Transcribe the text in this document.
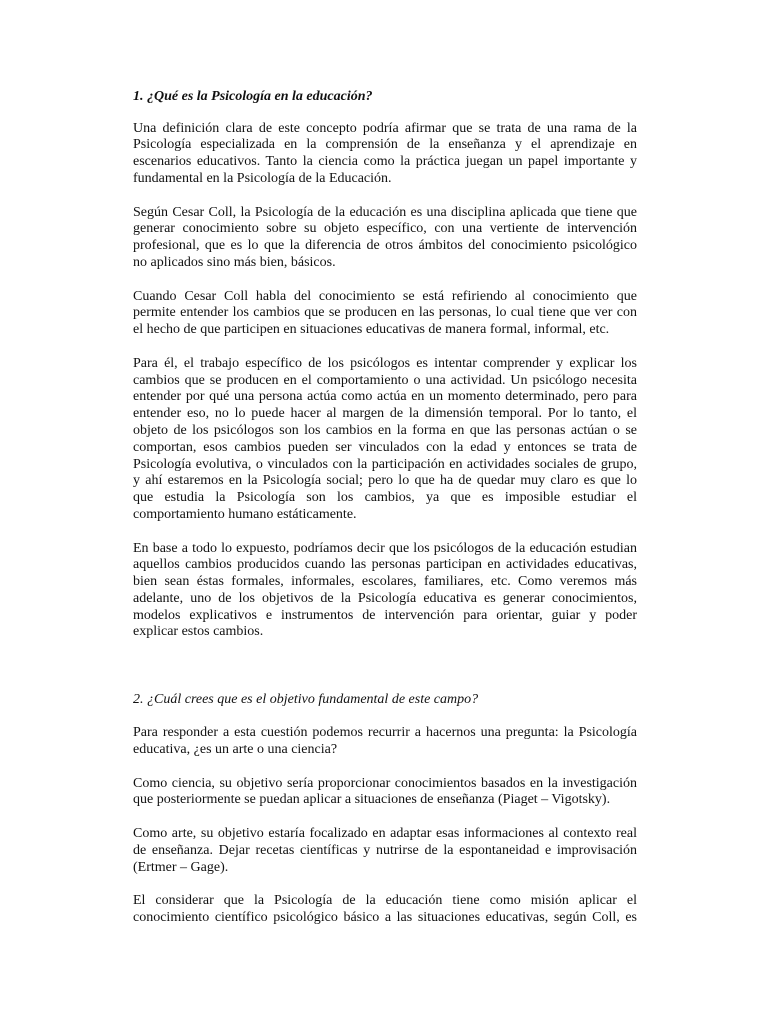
1. ¿Qué es la Psicología en la educación?
Una definición clara de este concepto podría afirmar que se trata de una rama de la
Psicología especializada en la comprensión de la enseñanza y el aprendizaje en
escenarios educativos. Tanto la ciencia como la práctica juegan un papel importante y
fundamental en la Psicología de la Educación.
Según Cesar Coll, la Psicología de la educación es una disciplina aplicada que tiene que
generar conocimiento sobre su objeto específico, con una vertiente de intervención
profesional, que es lo que la diferencia de otros ámbitos del conocimiento psicológico
no aplicados sino más bien, básicos.
Cuando Cesar Coll habla del conocimiento se está refiriendo al conocimiento que
permite entender los cambios que se producen en las personas, lo cual tiene que ver con
el hecho de que participen en situaciones educativas de manera formal, informal, etc.
Para él, el trabajo específico de los psicólogos es intentar comprender y explicar los
cambios que se producen en el comportamiento o una actividad. Un psicólogo necesita
entender por qué una persona actúa como actúa en un momento determinado, pero para
entender eso, no lo puede hacer al margen de la dimensión temporal. Por lo tanto, el
objeto de los psicólogos son los cambios en la forma en que las personas actúan o se
comportan, esos cambios pueden ser vinculados con la edad y entonces se trata de
Psicología evolutiva, o vinculados con la participación en actividades sociales de grupo,
y ahí estaremos en la Psicología social; pero lo que ha de quedar muy claro es que lo
que estudia la Psicología son los cambios, ya que es imposible estudiar el
comportamiento humano estáticamente.
En base a todo lo expuesto, podríamos decir que los psicólogos de la educación estudian
aquellos cambios producidos cuando las personas participan en actividades educativas,
bien sean éstas formales, informales, escolares, familiares, etc. Como veremos más
adelante, uno de los objetivos de la Psicología educativa es generar conocimientos,
modelos explicativos e instrumentos de intervención para orientar, guiar y poder
explicar estos cambios.
2. ¿Cuál crees que es el objetivo fundamental de este campo?
Para responder a esta cuestión podemos recurrir a hacernos una pregunta: la Psicología
educativa, ¿es un arte o una ciencia?
Como ciencia, su objetivo sería proporcionar conocimientos basados en la investigación
que posteriormente se puedan aplicar a situaciones de enseñanza (Piaget – Vigotsky).
Como arte, su objetivo estaría focalizado en adaptar esas informaciones al contexto real
de enseñanza. Dejar recetas científicas y nutrirse de la espontaneidad e improvisación
(Ertmer – Gage).
El considerar que la Psicología de la educación tiene como misión aplicar el
conocimiento científico psicológico básico a las situaciones educativas, según Coll, es
